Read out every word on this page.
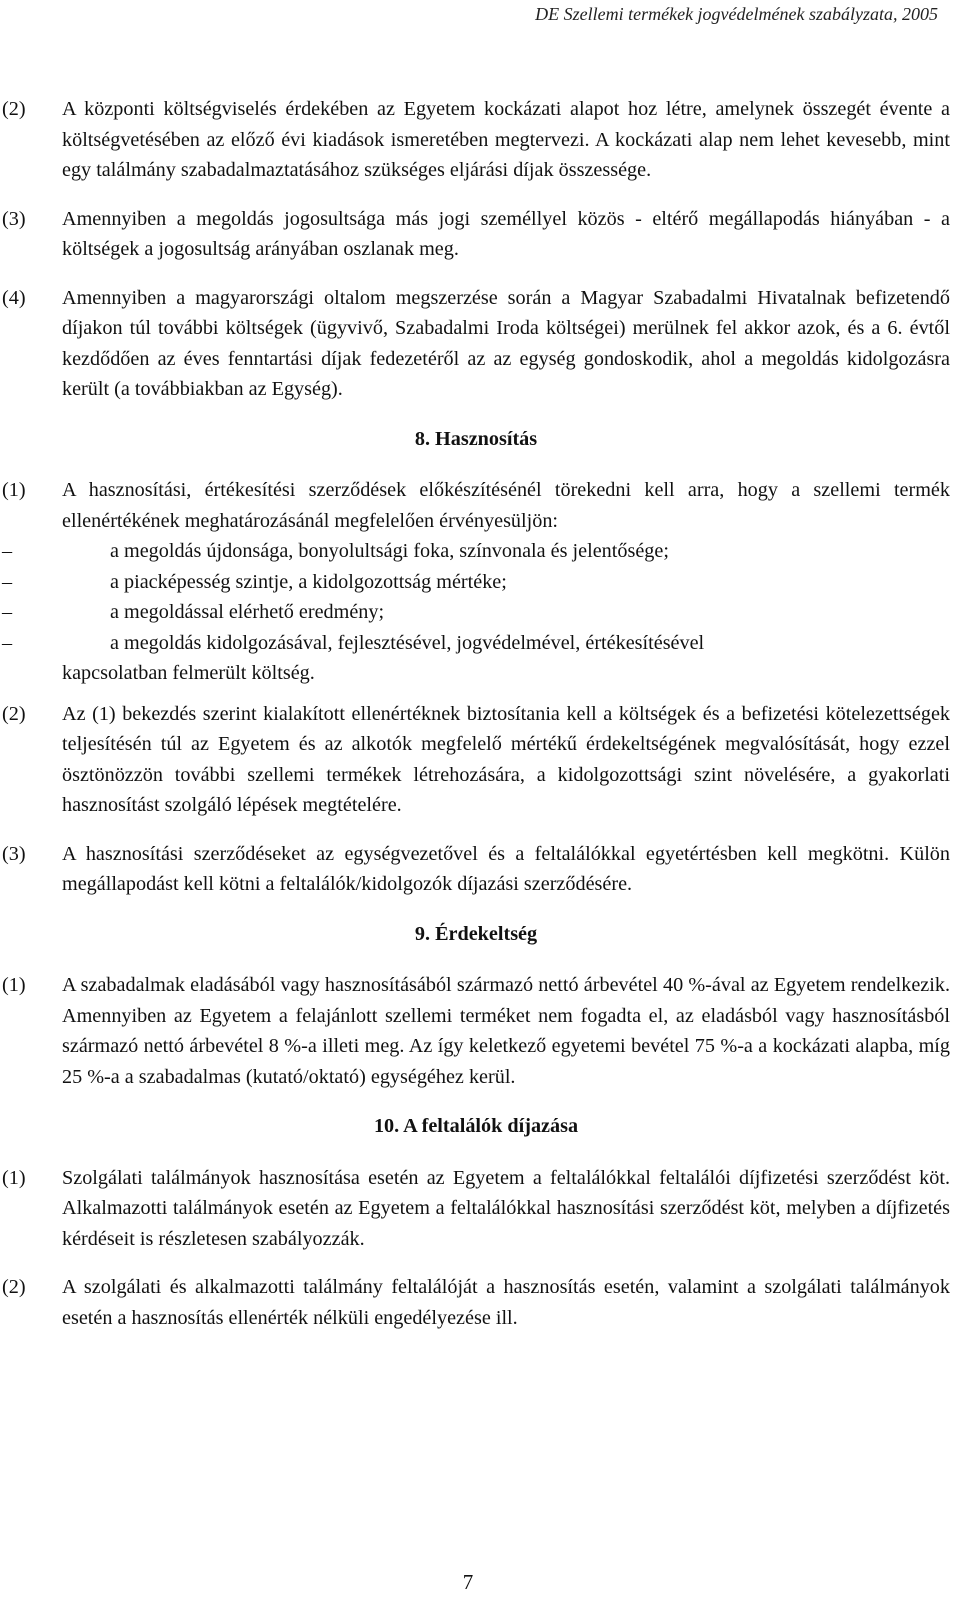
DE Szellemi termékek jogvédelmének szabályzata, 2005
(2)	A központi költségviselés érdekében az Egyetem kockázati alapot hoz létre, amelynek összegét évente a költségvetésében az előző évi kiadások ismeretében megtervezi. A kockázati alap nem lehet kevesebb, mint egy találmány szabadalmaztatásához szükséges eljárási díjak összessége.
(3)	Amennyiben a megoldás jogosultsága más jogi személlyel közös - eltérő megállapodás hiányában - a költségek a jogosultság arányában oszlanak meg.
(4)	Amennyiben a magyarországi oltalom megszerzése során a Magyar Szabadalmi Hivatalnak befizetendő díjakon túl további költségek (ügyvivő, Szabadalmi Iroda költségei) merülnek fel akkor azok, és a 6. évtől kezdődően az éves fenntartási díjak fedezetéről az az egység gondoskodik, ahol a megoldás kidolgozásra került (a továbbiakban az Egység).
8. Hasznosítás
(1)	A hasznosítási, értékesítési szerződések előkészítésénél törekedni kell arra, hogy a szellemi termék ellenértékének meghatározásánál megfelelően érvényesüljön:
–	a megoldás újdonsága, bonyolultsági foka, színvonala és jelentősége;
–	a piacképesség szintje, a kidolgozottság mértéke;
–	a megoldással elérhető eredmény;
–	a megoldás kidolgozásával, fejlesztésével, jogvédelmével, értékesítésével
kapcsolatban felmerült költség.
(2)	Az (1) bekezdés szerint kialakított ellenértéknek biztosítania kell a költségek és a befizetési kötelezettségek teljesítésén túl az Egyetem és az alkotók megfelelő mértékű érdekeltségének megvalósítását, hogy ezzel ösztönözzön további szellemi termékek létrehozására, a kidolgozottsági szint növelésére, a gyakorlati hasznosítást szolgáló lépések megtételére.
(3)	A hasznosítási szerződéseket az egységvezetővel és a feltalálókkal egyetértésben kell megkötni. Külön megállapodást kell kötni a feltalálók/kidolgozók díjazási szerződésére.
9. Érdekeltség
(1)	A szabadalmak eladásából vagy hasznosításából származó nettó árbevétel 40 %-ával az Egyetem rendelkezik. Amennyiben az Egyetem a felajánlott szellemi terméket nem fogadta el, az eladásból vagy hasznosításból származó nettó árbevétel 8 %-a illeti meg. Az így keletkező egyetemi bevétel 75 %-a a kockázati alapba, míg 25 %-a a szabadalmas (kutató/oktató) egységéhez kerül.
10. A feltalálók díjazása
(1)	Szolgálati találmányok hasznosítása esetén az Egyetem a feltalálókkal feltalálói díjfizetési szerződést köt. Alkalmazotti találmányok esetén az Egyetem a feltalálókkal hasznosítási szerződést köt, melyben a díjfizetés kérdéseit is részletesen szabályozzák.
(2)	A szolgálati és alkalmazotti találmány feltalálóját a hasznosítás esetén, valamint a szolgálati találmányok esetén a hasznosítás ellenérték nélküli engedélyezése ill.
7
